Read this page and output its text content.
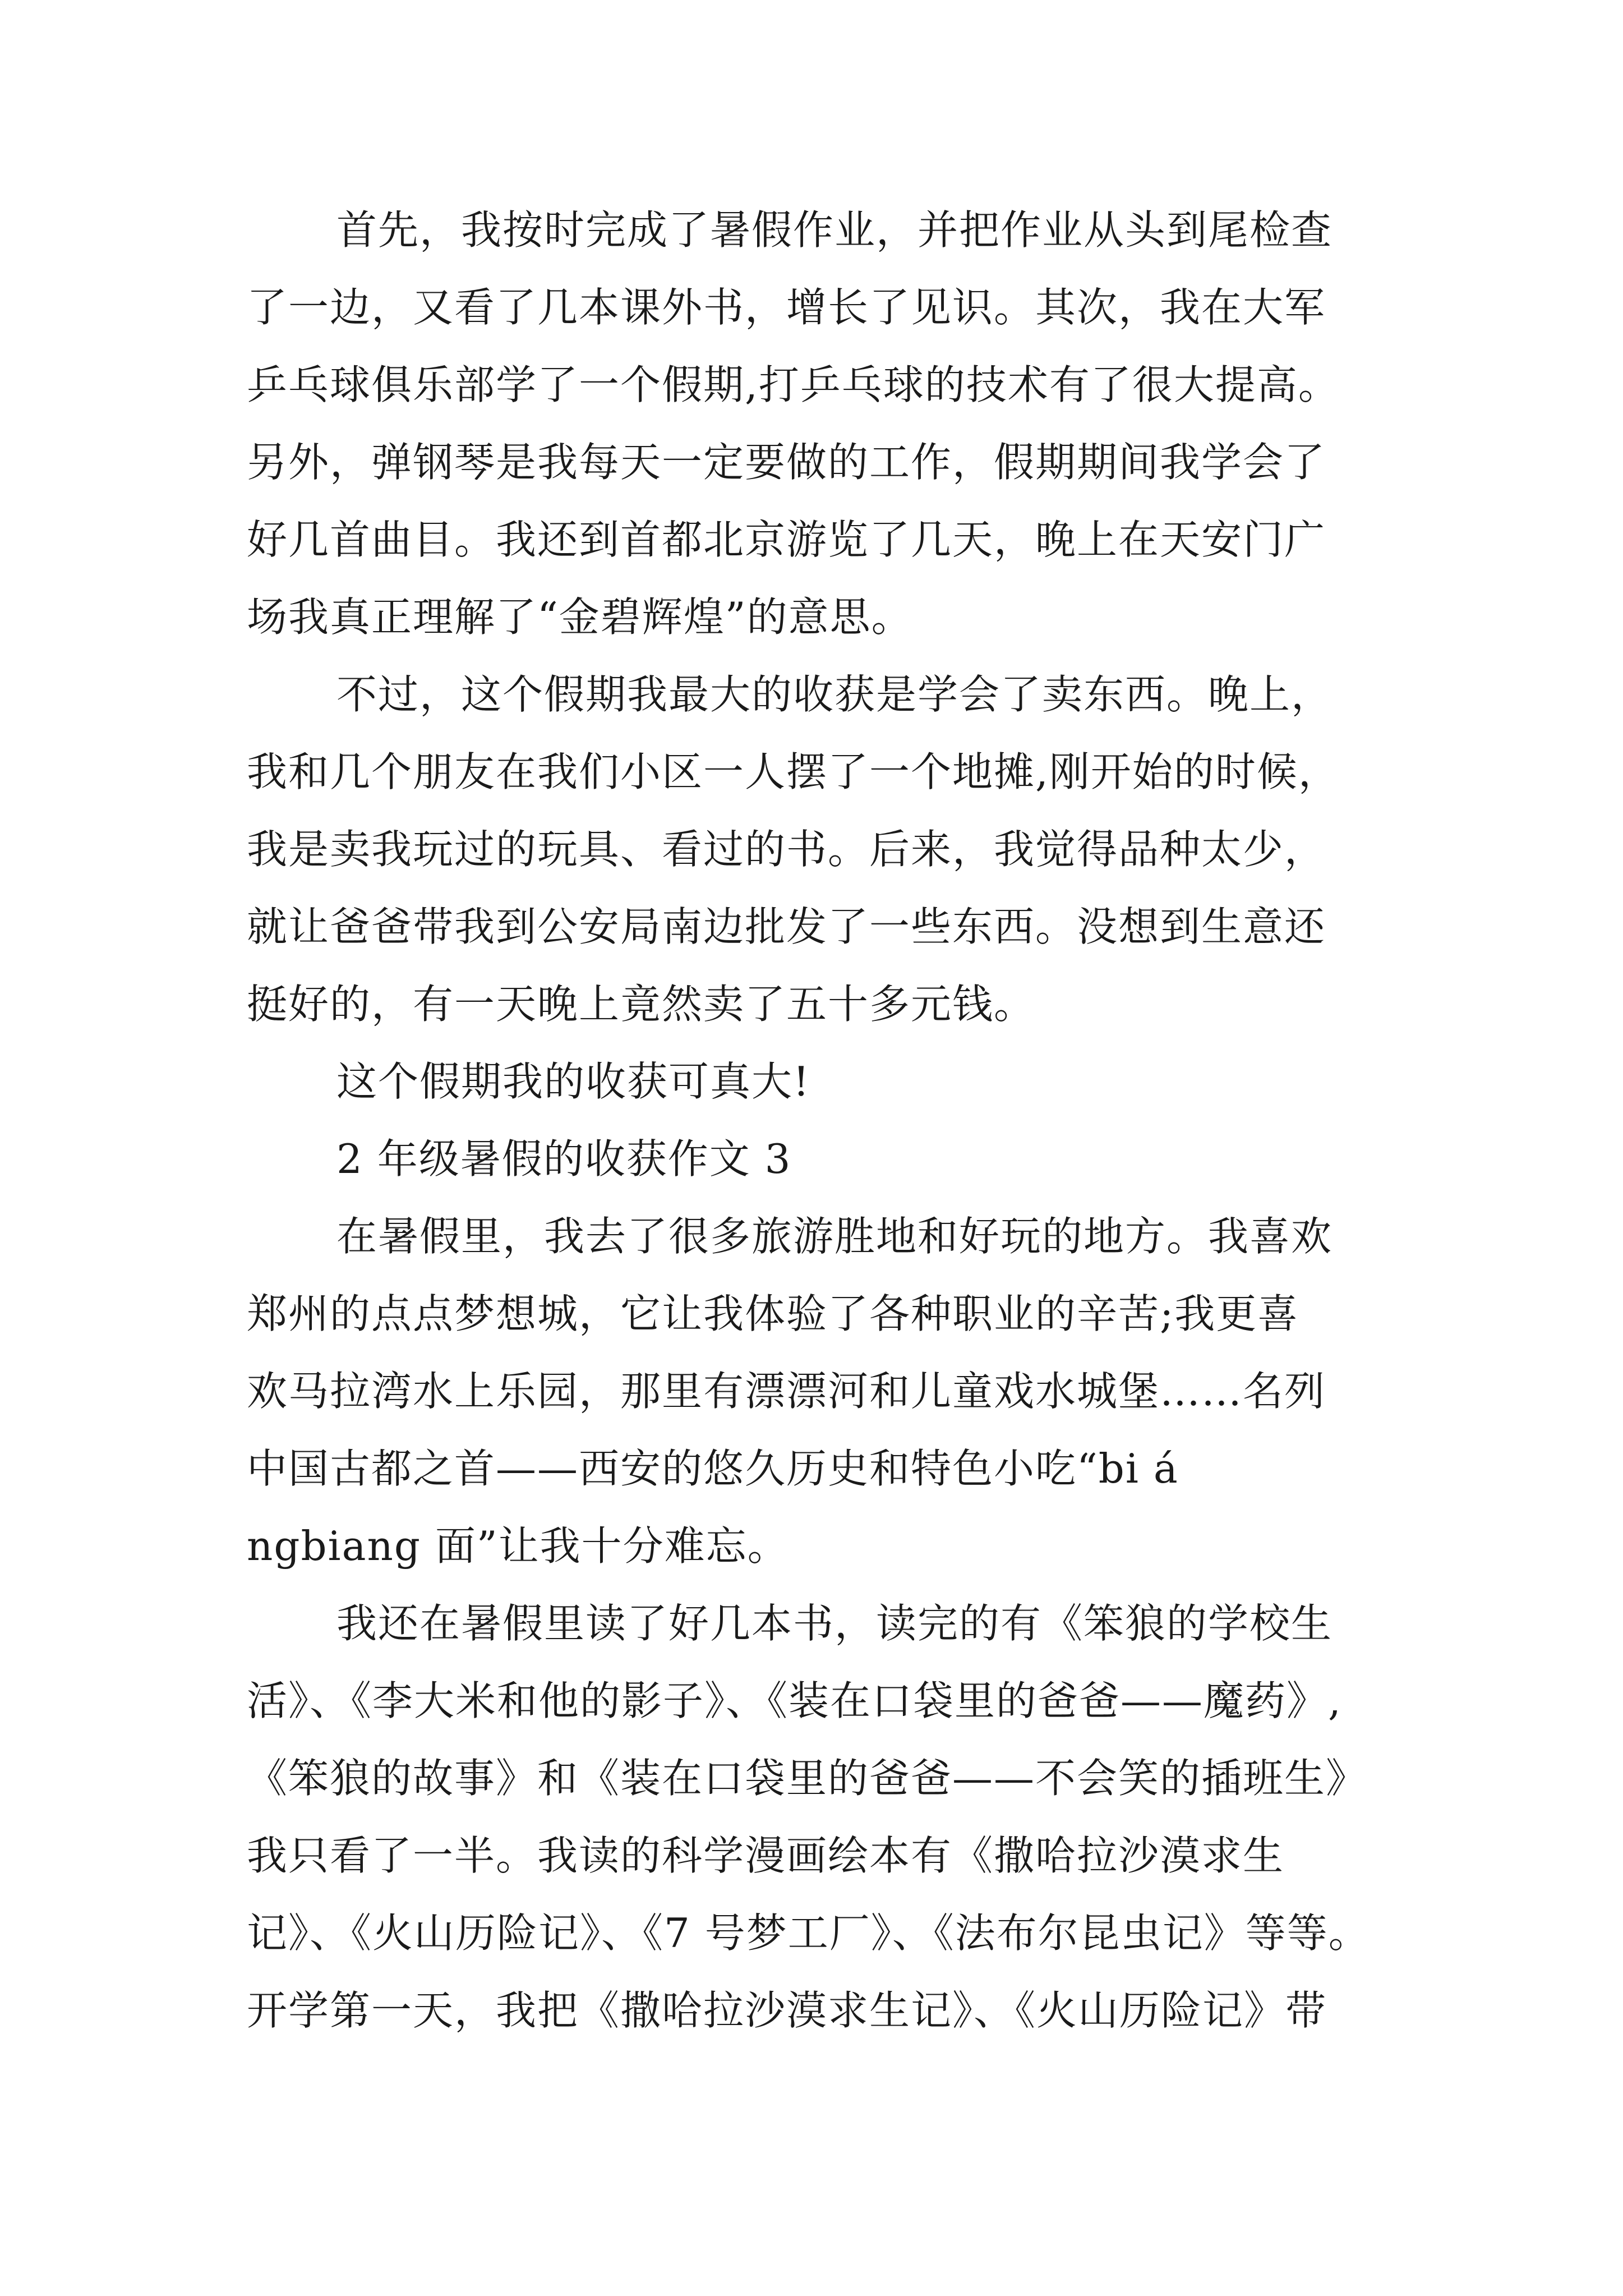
首先，我按时完成了暑假作业，并把作业从头到尾检查
了一边，又看了几本课外书，增长了见识。其次，我在大军
乒乓球俱乐部学了一个假期,打乒乓球的技术有了很大提高。
另外，弹钢琴是我每天一定要做的工作，假期期间我学会了
好几首曲目。我还到首都北京游览了几天，晚上在天安门广
场我真正理解了“金碧辉煌”的意思。
不过，这个假期我最大的收获是学会了卖东西。晚上，
我和几个朋友在我们小区一人摆了一个地摊,刚开始的时候，
我是卖我玩过的玩具、看过的书。后来，我觉得品种太少，
就让爸爸带我到公安局南边批发了一些东西。没想到生意还
挺好的，有一天晚上竟然卖了五十多元钱。
这个假期我的收获可真大!
2 年级暑假的收获作文 3
在暑假里，我去了很多旅游胜地和好玩的地方。我喜欢
郑州的点点梦想城，它让我体验了各种职业的辛苦;我更喜
欢马拉湾水上乐园，那里有漂漂河和儿童戏水城堡……名列
中国古都之首——西安的悠久历史和特色小吃“bi á
ngbiang 面”让我十分难忘。
我还在暑假里读了好几本书，读完的有《笨狼的学校生
活》、《李大米和他的影子》、《装在口袋里的爸爸——魔药》,
《笨狼的故事》和《装在口袋里的爸爸——不会笑的插班生》
我只看了一半。我读的科学漫画绘本有《撒哈拉沙漠求生
记》、《火山历险记》、《7 号梦工厂》、《法布尔昆虫记》等等。
开学第一天，我把《撒哈拉沙漠求生记》、《火山历险记》带
